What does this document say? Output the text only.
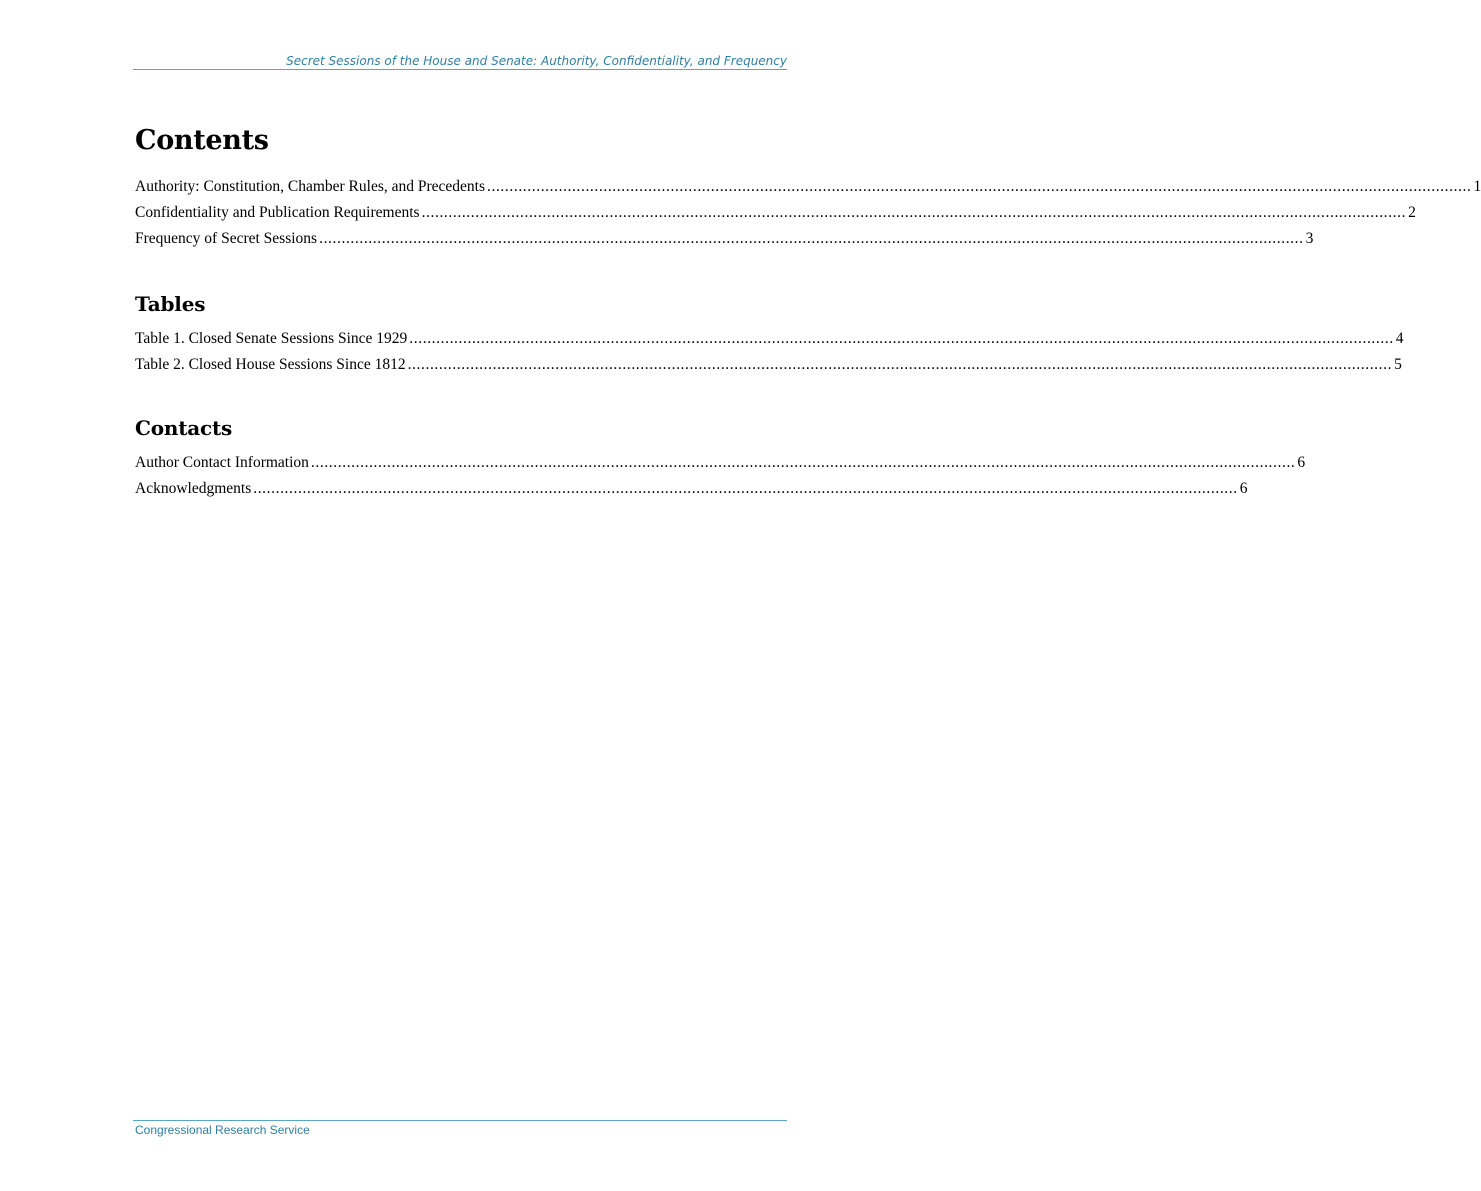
Secret Sessions of the House and Senate: Authority, Confidentiality, and Frequency
Contents
Authority: Constitution, Chamber Rules, and Precedents ............................................................................................................................................................................................................................ 1
Confidentiality and Publication Requirements ............................................................................................................................................................................................................................ 2
Frequency of Secret Sessions ............................................................................................................................................................................................................................ 3
Tables
Table 1. Closed Senate Sessions Since 1929 ............................................................................................................................................................................................................................ 4
Table 2. Closed House Sessions Since 1812 ............................................................................................................................................................................................................................ 5
Contacts
Author Contact Information ............................................................................................................................................................................................................................ 6
Acknowledgments ............................................................................................................................................................................................................................ 6
Congressional Research Service
